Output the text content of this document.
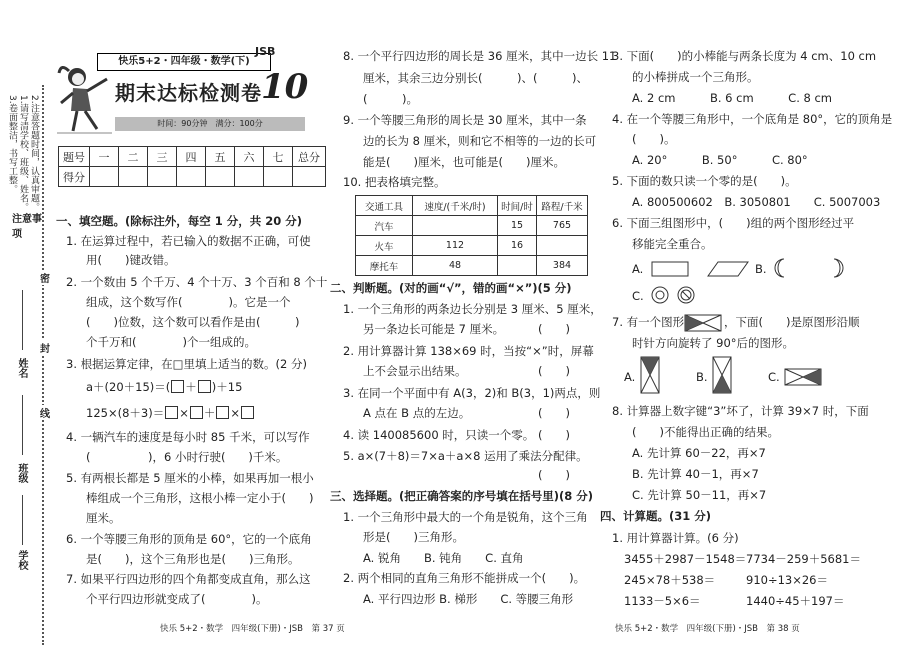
注意事项
1.请写清学校、班级、姓名。 2.注意答题时间，认真审题。
3.卷面整洁，书写工整。
密
封
线
姓名
班级
学校
快乐5+2・四年级・数学(下)
JSB
期末达标检测卷 10
时间：90分钟　满分：100分
题号	一	二	三	四	五	六	七	总分
得分								
一、填空题。(除标注外，每空 1 分，共 20 分)
1. 在运算过程中，若已输入的数据不正确，可使
用(　　)键改错。
2. 一个数由 5 个千万、4 个十万、3 个百和 8 个十
组成，这个数写作(　　　　)。它是一个
(　　)位数，这个数可以看作是由(　　　)
个千万和(　　　　)个一组成的。
3. 根据运算定律，在□里填上适当的数。(2 分)
a＋(20＋15)＝( ＋ )＋15
125×(8＋3)＝ × ＋ ×
4. 一辆汽车的速度是每小时 85 千米，可以写作
(　　　　　)，6 小时行驶(　　)千米。
5. 有两根长都是 5 厘米的小棒，如果再加一根小
棒组成一个三角形，这根小棒一定小于(　　)
厘米。
6. 一个等腰三角形的顶角是 60°，它的一个底角
是(　　)，这个三角形也是(　　)三角形。
7. 如果平行四边形的四个角都变成直角，那么这
个平行四边形就变成了(　　　　)。
快乐 5+2・数学　四年级(下册)・JSB　第 37 页
8. 一个平行四边形的周长是 36 厘米，其中一边长 11
厘米，其余三边分别长(　　　)、(　　　)、
(　　　)。
9. 一个等腰三角形的周长是 30 厘米，其中一条
边的长为 8 厘米，则和它不相等的一边的长可
能是(　　)厘米，也可能是(　　)厘米。
10. 把表格填完整。
交通工具	速度/(千米/时)	时间/时	路程/千米
汽车		15	765
火车	112	16	
摩托车	48		384
二、判断题。(对的画“√”，错的画“×”)(5 分)
1. 一个三角形的两条边长分别是 3 厘米、5 厘米，
另一条边长可能是 7 厘米。	(　　)
2. 用计算器计算 138×69 时，当按“×”时，屏幕
上不会显示出结果。	(　　)
3. 在同一个平面中有 A(3，2)和 B(3，1)两点，则
A 点在 B 点的左边。	(　　)
4. 读 140085600 时，只读一个零。 (　　)
5. a×(7＋8)＝7×a＋a×8 运用了乘法分配律。
(　　)
三、选择题。(把正确答案的序号填在括号里)(8 分)
1. 一个三角形中最大的一个角是锐角，这个三角
形是(　　)三角形。
A. 锐角　　B. 钝角　　C. 直角
2. 两个相同的直角三角形不能拼成一个(　　)。
A. 平行四边形 B. 梯形　　C. 等腰三角形
3. 下面(　　)的小棒能与两条长度为 4 cm、10 cm
的小棒拼成一个三角形。
A. 2 cm　　　B. 6 cm　　　C. 8 cm
4. 在一个等腰三角形中，一个底角是 80°，它的顶角是
(　　)。
A. 20°　　　B. 50°　　　C. 80°
5. 下面的数只读一个零的是(　　)。
A. 800500602　B. 3050801　　C. 5007003
6. 下面三组图形中，(　　)组的两个图形经过平
移能完全重合。
A.	B.
C.
7. 有一个图形	，下面(　　)是原图形沿顺
时针方向旋转了 90°后的图形。
A.	B.	C.
8. 计算器上数字键“3”坏了，计算 39×7 时，下面
(　　)不能得出正确的结果。
A. 先计算 60－22，再×7
B. 先计算 40－1，再×7
C. 先计算 50－11，再×7
四、计算题。(31 分)
1. 用计算器计算。(6 分)
3455＋2987－1548＝ 7734－259＋5681＝
245×78＋538＝	910÷13×26＝
1133－5×6＝	1440÷45＋197＝
快乐 5+2・数学　四年级(下册)・JSB　第 38 页
